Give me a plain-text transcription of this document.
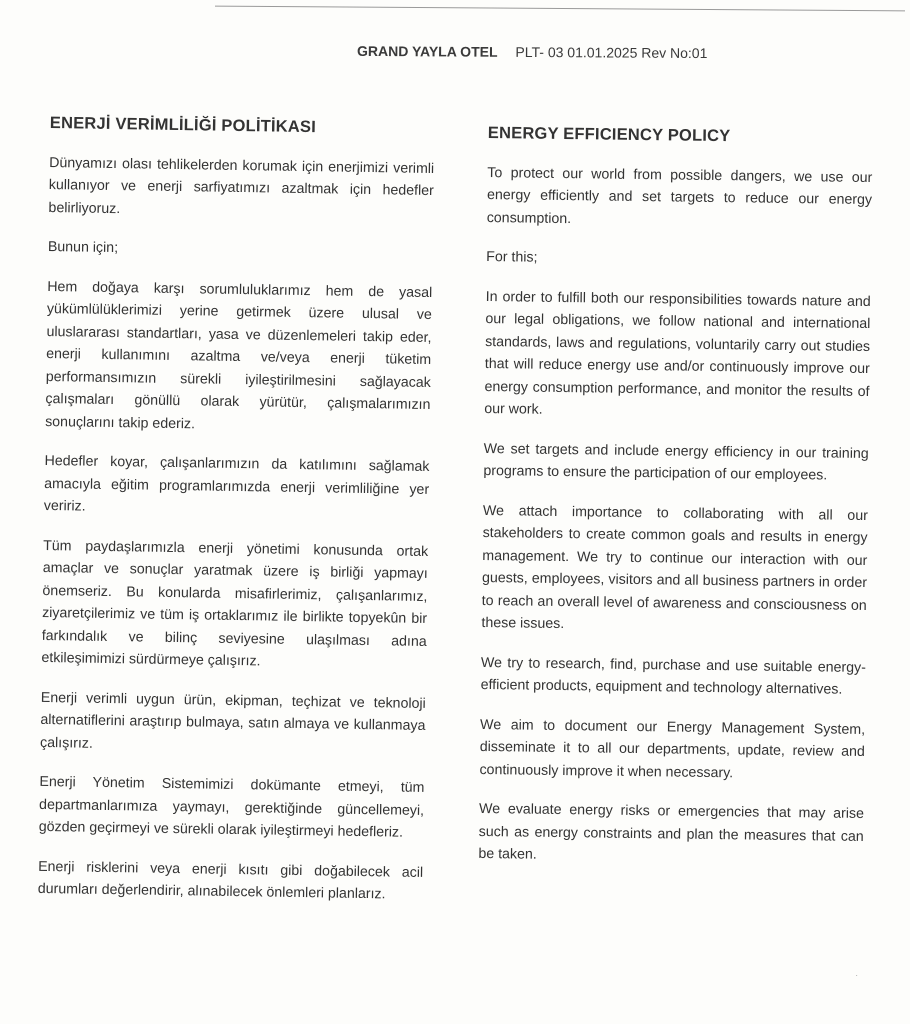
GRAND YAYLA OTEL PLT- 03 01.01.2025 Rev No:01
ENERJİ VERİMLİLİĞİ POLİTİKASI

Dünyamızı olası tehlikelerden korumak için enerjimizi verimli kullanıyor ve enerji sarfiyatımızı azaltmak için hedefler belirliyoruz.

Bunun için;

Hem doğaya karşı sorumluluklarımız hem de yasal yükümlülüklerimizi yerine getirmek üzere ulusal ve uluslararası standartları, yasa ve düzenlemeleri takip eder, enerji kullanımını azaltma ve/veya enerji tüketim performansımızın sürekli iyileştirilmesini sağlayacak çalışmaları gönüllü olarak yürütür, çalışmalarımızın sonuçlarını takip ederiz.

Hedefler koyar, çalışanlarımızın da katılımını sağlamak amacıyla eğitim programlarımızda enerji verimliliğine yer veririz.

Tüm paydaşlarımızla enerji yönetimi konusunda ortak amaçlar ve sonuçlar yaratmak üzere iş birliği yapmayı önemseriz. Bu konularda misafirlerimiz, çalışanlarımız, ziyaretçilerimiz ve tüm iş ortaklarımız ile birlikte topyekûn bir farkındalık ve bilinç seviyesine ulaşılması adına etkileşimimizi sürdürmeye çalışırız.

Enerji verimli uygun ürün, ekipman, teçhizat ve teknoloji alternatiflerini araştırıp bulmaya, satın almaya ve kullanmaya çalışırız.

Enerji Yönetim Sistemimizi dokümante etmeyi, tüm departmanlarımıza yaymayı, gerektiğinde güncellemeyi, gözden geçirmeyi ve sürekli olarak iyileştirmeyi hedefleriz.

Enerji risklerini veya enerji kısıtı gibi doğabilecek acil durumları değerlendirir, alınabilecek önlemleri planlarız.

ENERGY EFFICIENCY POLICY

To protect our world from possible dangers, we use our energy efficiently and set targets to reduce our energy consumption.

For this;

In order to fulfill both our responsibilities towards nature and our legal obligations, we follow national and international standards, laws and regulations, voluntarily carry out studies that will reduce energy use and/or continuously improve our energy consumption performance, and monitor the results of our work.

We set targets and include energy efficiency in our training programs to ensure the participation of our employees.

We attach importance to collaborating with all our stakeholders to create common goals and results in energy management. We try to continue our interaction with our guests, employees, visitors and all business partners in order to reach an overall level of awareness and consciousness on these issues.

We try to research, find, purchase and use suitable energy-efficient products, equipment and technology alternatives.

We aim to document our Energy Management System, disseminate it to all our departments, update, review and continuously improve it when necessary.

We evaluate energy risks or emergencies that may arise such as energy constraints and plan the measures that can be taken.

·
